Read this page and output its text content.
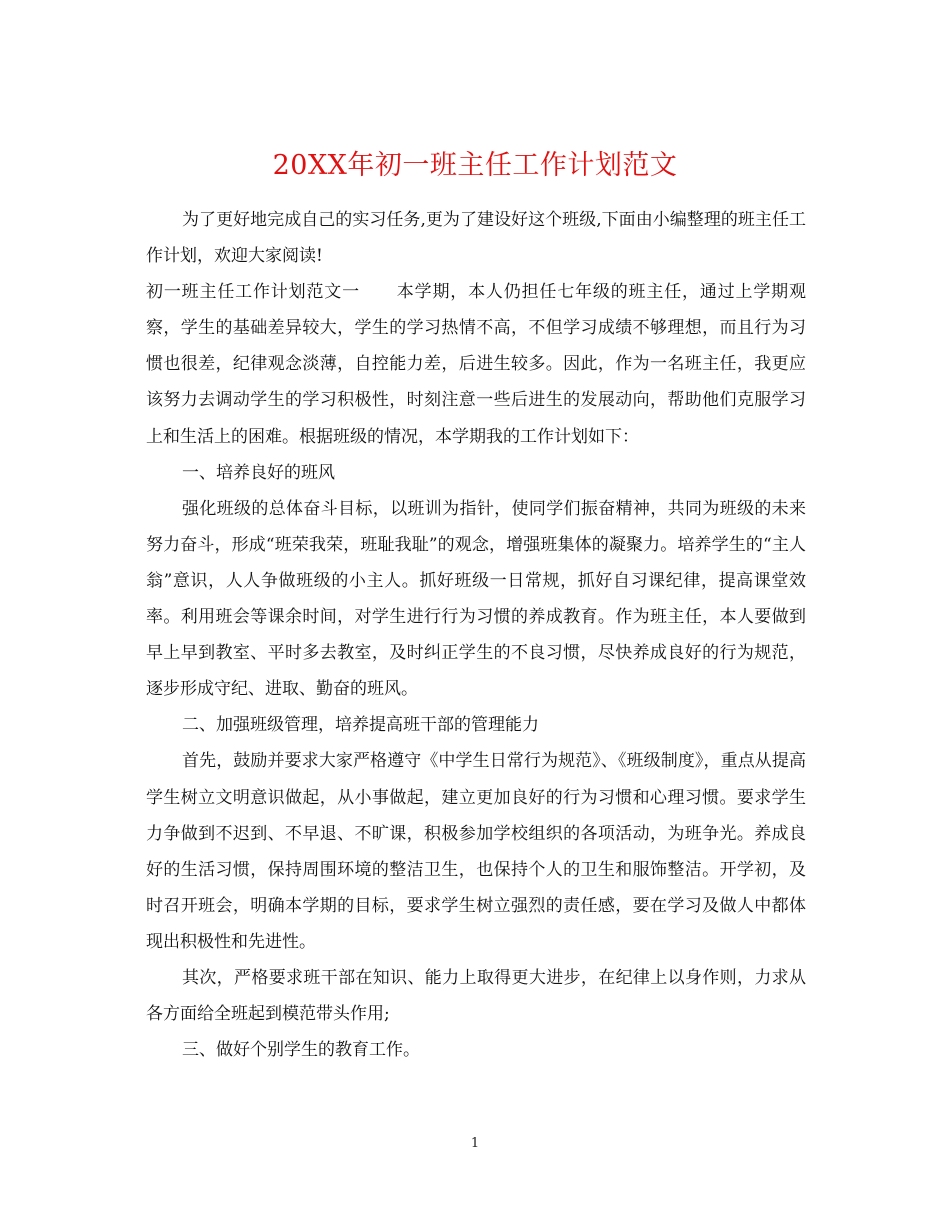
20XX年初一班主任工作计划范文

为了更好地完成自己的实习任务,更为了建设好这个班级,下面由小编整理的班主任工作计划，欢迎大家阅读!

初一班主任工作计划范文一 本学期，本人仍担任七年级的班主任，通过上学期观察，学生的基础差异较大，学生的学习热情不高，不但学习成绩不够理想，而且行为习惯也很差，纪律观念淡薄，自控能力差，后进生较多。因此，作为一名班主任，我更应该努力去调动学生的学习积极性，时刻注意一些后进生的发展动向，帮助他们克服学习上和生活上的困难。根据班级的情况，本学期我的工作计划如下：

一、培养良好的班风

强化班级的总体奋斗目标，以班训为指针，使同学们振奋精神，共同为班级的未来努力奋斗，形成“班荣我荣，班耻我耻”的观念，增强班集体的凝聚力。培养学生的“主人翁”意识，人人争做班级的小主人。抓好班级一日常规，抓好自习课纪律，提高课堂效率。利用班会等课余时间，对学生进行行为习惯的养成教育。作为班主任，本人要做到早上早到教室、平时多去教室，及时纠正学生的不良习惯，尽快养成良好的行为规范，逐步形成守纪、进取、勤奋的班风。

二、加强班级管理，培养提高班干部的管理能力

首先，鼓励并要求大家严格遵守《中学生日常行为规范》、《班级制度》，重点从提高学生树立文明意识做起，从小事做起，建立更加良好的行为习惯和心理习惯。要求学生力争做到不迟到、不早退、不旷课，积极参加学校组织的各项活动，为班争光。养成良好的生活习惯，保持周围环境的整洁卫生，也保持个人的卫生和服饰整洁。开学初，及时召开班会，明确本学期的目标，要求学生树立强烈的责任感，要在学习及做人中都体现出积极性和先进性。

其次，严格要求班干部在知识、能力上取得更大进步，在纪律上以身作则，力求从各方面给全班起到模范带头作用;

三、做好个别学生的教育工作。

1
